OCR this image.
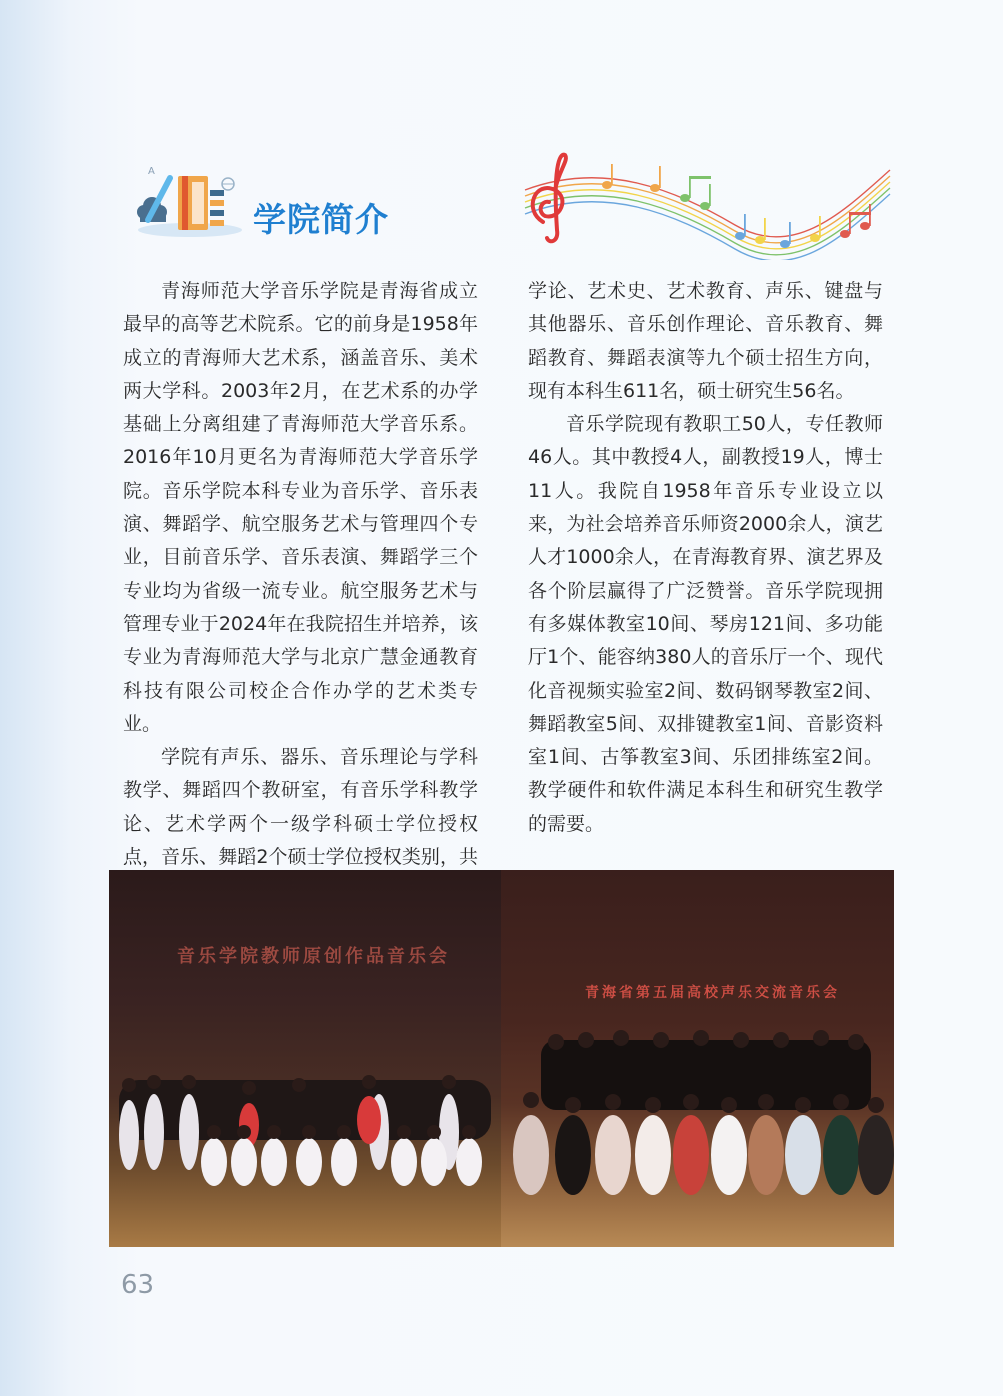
A
学院简介

青海师范大学音乐学院是青海省成立最早的高等艺术院系。它的前身是1958年成立的青海师大艺术系，涵盖音乐、美术两大学科。2003年2月，在艺术系的办学基础上分离组建了青海师范大学音乐系。2016年10月更名为青海师范大学音乐学院。音乐学院本科专业为音乐学、音乐表演、舞蹈学、航空服务艺术与管理四个专业，目前音乐学、音乐表演、舞蹈学三个专业均为省级一流专业。航空服务艺术与管理专业于2024年在我院招生并培养，该专业为青海师范大学与北京广慧金通教育科技有限公司校企合作办学的艺术类专业。

学院有声乐、器乐、音乐理论与学科教学、舞蹈四个教研室，有音乐学科教学论、艺术学两个一级学科硕士学位授权点，音乐、舞蹈2个硕士学位授权类别，共

学论、艺术史、艺术教育、声乐、键盘与其他器乐、音乐创作理论、音乐教育、舞蹈教育、舞蹈表演等九个硕士招生方向，现有本科生611名，硕士研究生56名。

音乐学院现有教职工50人，专任教师46人。其中教授4人，副教授19人，博士11人。我院自1958年音乐专业设立以来，为社会培养音乐师资2000余人，演艺人才1000余人，在青海教育界、演艺界及各个阶层赢得了广泛赞誉。音乐学院现拥有多媒体教室10间、琴房121间、多功能厅1个、能容纳380人的音乐厅一个、现代化音视频实验室2间、数码钢琴教室2间、舞蹈教室5间、双排键教室1间、音影资料室1间、古筝教室3间、乐团排练室2间。教学硬件和软件满足本科生和研究生教学的需要。

音乐学院教师原创作品音乐会
青海省第五届高校声乐交流音乐会
63
